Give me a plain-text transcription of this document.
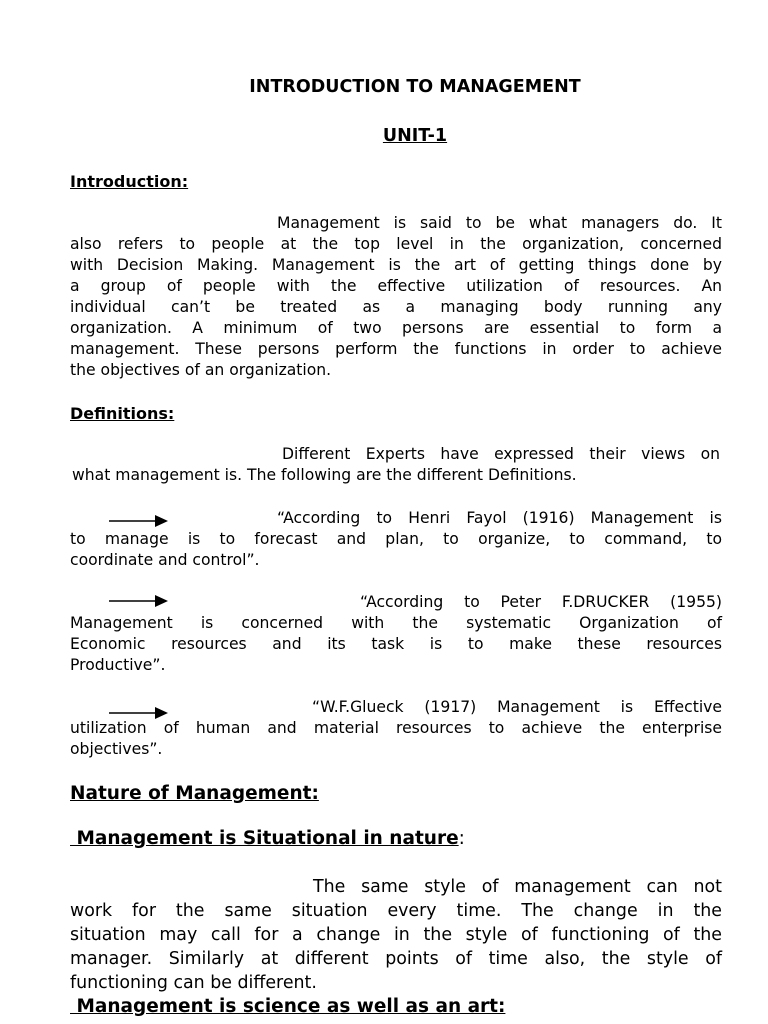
INTRODUCTION TO MANAGEMENT
UNIT-1
Introduction:
Management is said to be what managers do. It
also refers to people at the top level in the organization, concerned
with Decision Making. Management is the art of getting things done by
a group of people with the effective utilization of resources. An
individual can’t be treated as a managing body running any
organization. A minimum of two persons are essential to form a
management. These persons perform the functions in order to achieve
the objectives of an organization.
Definitions:
Different Experts have expressed their views on
what management is. The following are the different Definitions.
“According to Henri Fayol (1916) Management is
to manage is to forecast and plan, to organize, to command, to
coordinate and control”.
“According to Peter F.DRUCKER (1955)
Management is concerned with the systematic Organization of
Economic resources and its task is to make these resources
Productive”.
“W.F.Glueck (1917) Management is Effective
utilization of human and material resources to achieve the enterprise
objectives”.
Nature of Management:
Management is Situational in nature:
The same style of management can not
work for the same situation every time. The change in the
situation may call for a change in the style of functioning of the
manager. Similarly at different points of time also, the style of
functioning can be different.
Management is science as well as an art:
